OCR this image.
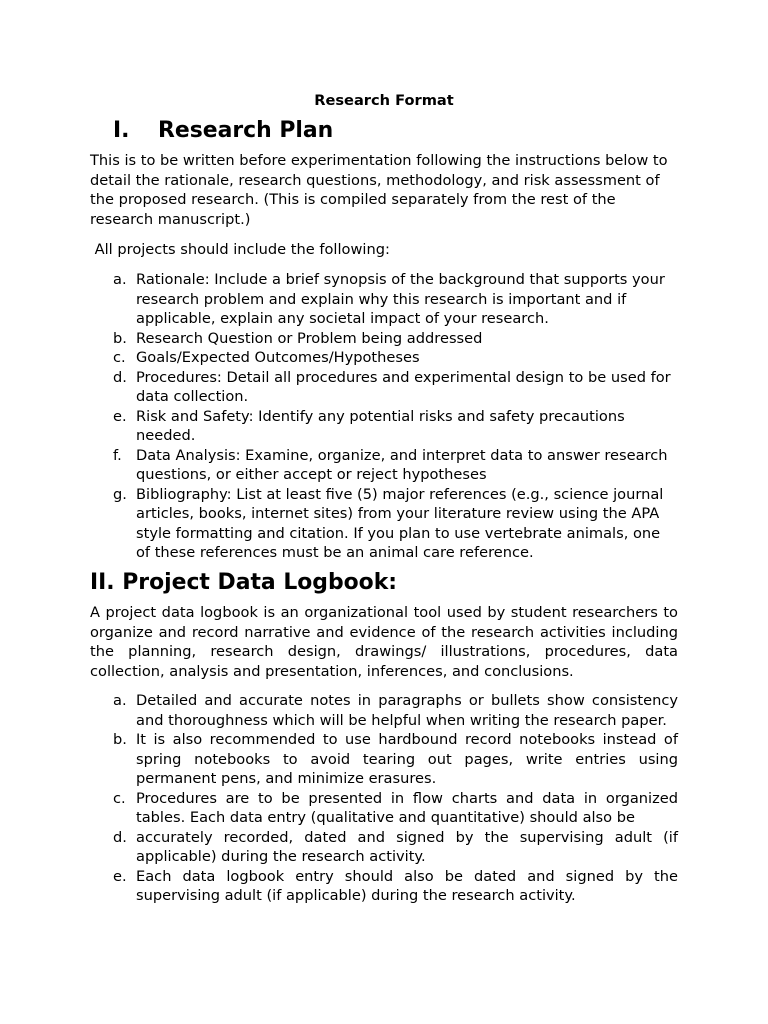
Research Format
I. Research Plan

This is to be written before experimentation following the instructions below to detail the rationale, research questions, methodology, and risk assessment of the proposed research. (This is compiled separately from the rest of the research manuscript.)

All projects should include the following:

a. Rationale: Include a brief synopsis of the background that supports your research problem and explain why this research is important and if applicable, explain any societal impact of your research.
b. Research Question or Problem being addressed
c. Goals/Expected Outcomes/Hypotheses
d. Procedures: Detail all procedures and experimental design to be used for data collection.
e. Risk and Safety: Identify any potential risks and safety precautions needed.
f. Data Analysis: Examine, organize, and interpret data to answer research questions, or either accept or reject hypotheses
g. Bibliography: List at least five (5) major references (e.g., science journal articles, books, internet sites) from your literature review using the APA style formatting and citation. If you plan to use vertebrate animals, one of these references must be an animal care reference.
II. Project Data Logbook:

A project data logbook is an organizational tool used by student researchers to organize and record narrative and evidence of the research activities including the planning, research design, drawings/ illustrations, procedures, data collection, analysis and presentation, inferences, and conclusions.

a. Detailed and accurate notes in paragraphs or bullets show consistency and thoroughness which will be helpful when writing the research paper.
b. It is also recommended to use hardbound record notebooks instead of spring notebooks to avoid tearing out pages, write entries using permanent pens, and minimize erasures.
c. Procedures are to be presented in flow charts and data in organized tables. Each data entry (qualitative and quantitative) should also be
d. accurately recorded, dated and signed by the supervising adult (if applicable) during the research activity.
e. Each data logbook entry should also be dated and signed by the supervising adult (if applicable) during the research activity.
